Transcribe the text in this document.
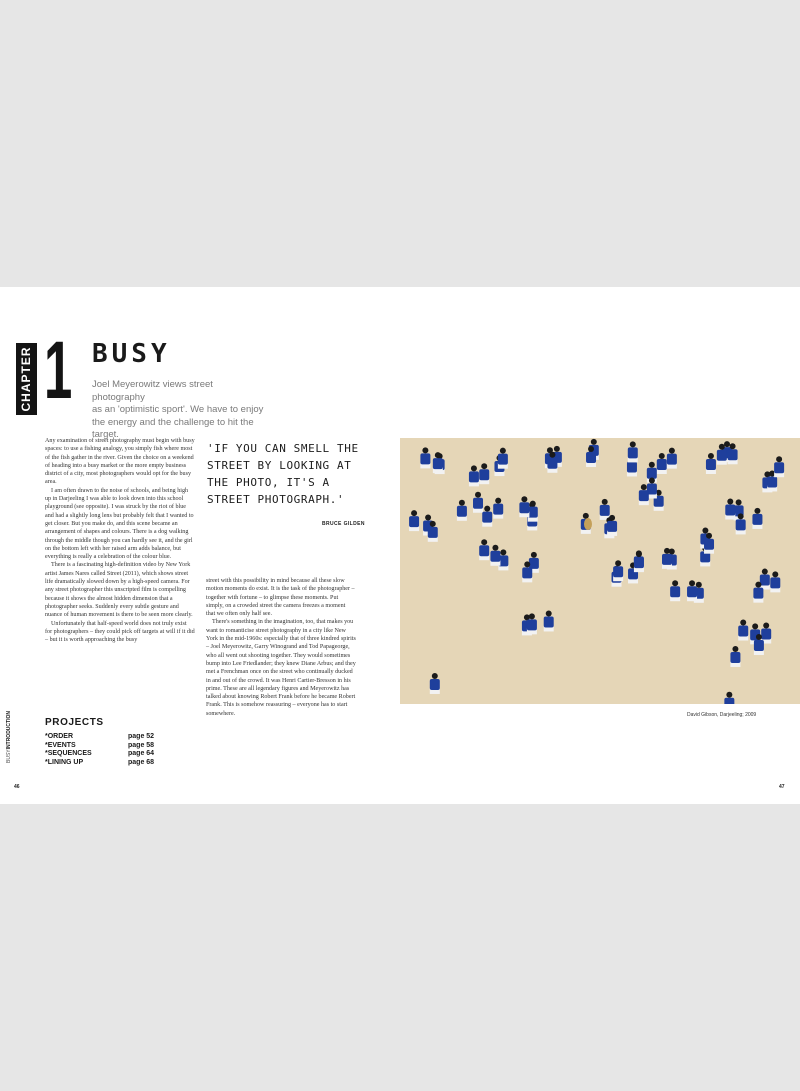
CHAPTER 1 BUSY
Joel Meyerowitz views street photography
as an 'optimistic sport'. We have to enjoy
the energy and the challenge to hit the target.

Any examination of street photography must begin with busy spaces: to use a fishing analogy, you simply fish where most of the fish gather in the river. Given the choice on a weekend of heading into a busy market or the more empty business district of a city, most photographers would opt for the busy area.

I am often drawn to the noise of schools, and being high up in Darjeeling I was able to look down into this school playground (see opposite). I was struck by the riot of blue and had a slightly long lens but probably felt that I wanted to get closer. But you make do, and this scene became an arrangement of shapes and colours. There is a dog walking through the middle though you can hardly see it, and the girl on the bottom left with her raised arm adds balance, but everything is really a celebration of the colour blue.

There is a fascinating high-definition video by New York artist James Nares called Street (2011), which shows street life dramatically slowed down by a high-speed camera. For any street photographer this unscripted film is compelling because it shows the almost hidden dimension that a photographer seeks. Suddenly every subtle gesture and nuance of human movement is there to be seen more clearly.

Unfortunately that half-speed world does not truly exist for photographers – they could pick off targets at will if it did – but it is worth approaching the busy

'IF YOU CAN SMELL THE STREET BY LOOKING AT THE PHOTO, IT'S A STREET PHOTOGRAPH.'
BRUCE GILDEN

street with this possibility in mind because all these slow motion moments do exist. It is the task of the photographer – together with fortune – to glimpse these moments. Put simply, on a crowded street the camera freezes a moment that we often only half see.

There's something in the imagination, too, that makes you want to romanticise street photography in a city like New York in the mid-1960s: especially that of three kindred spirits – Joel Meyerowitz, Garry Winogrand and Tod Papageorge, who all went out shooting together. They would sometimes bump into Lee Friedlander; they knew Diane Arbus; and they met a Frenchman once on the street who continually ducked in and out of the crowd. It was Henri Cartier-Bresson in his prime. These are all legendary figures and Meyerowitz has talked about knowing Robert Frank before he became Robert Frank. This is somehow reassuring – everyone has to start somewhere.

PROJECTS
*ORDER	page 52
*EVENTS	page 58
*SEQUENCES	page 64
*LINING UP	page 68
BUSYINTRODUCTION
46	47
David Gibson, Darjeeling; 2009
